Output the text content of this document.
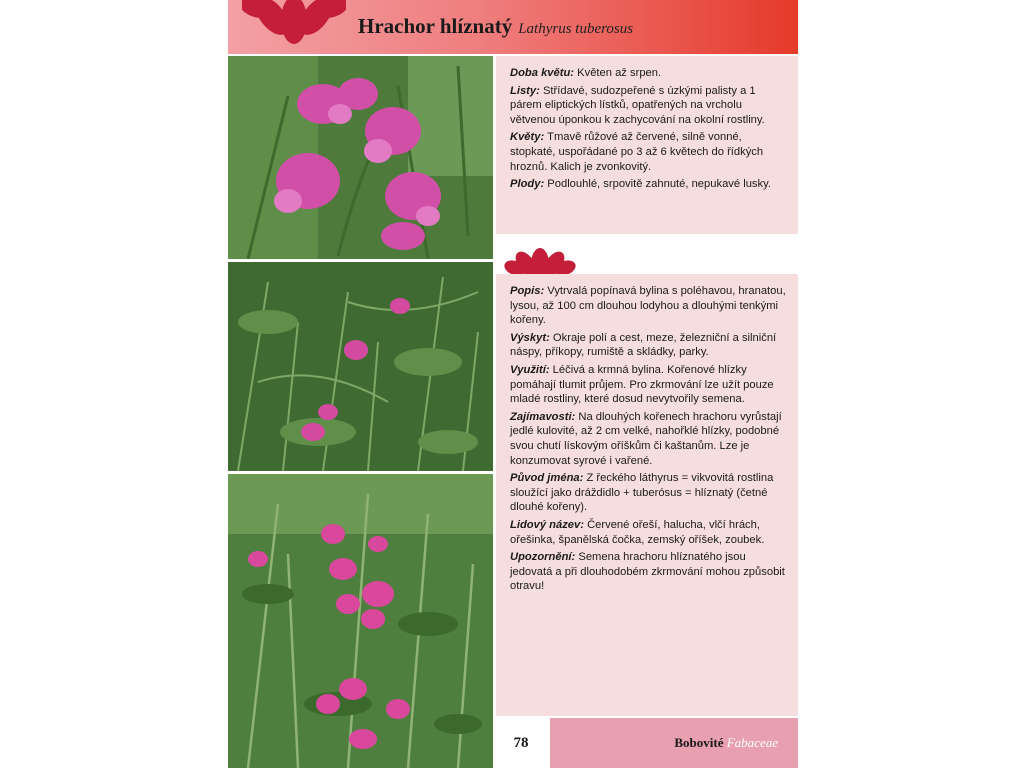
Hrachor hlíznatý Lathyrus tuberosus

Doba květu: Květen až srpen.

Listy: Střídavé, sudozpeřené s úzkými palisty a 1 párem eliptických lístků, opatřených na vrcholu větvenou úponkou k zachycování na okolní rostliny.

Květy: Tmavě růžové až červené, silně vonné, stopkaté, uspořádané po 3 až 6 květech do řídkých hroznů. Kalich je zvonkovitý.

Plody: Podlouhlé, srpovitě zahnuté, nepukavé lusky.

Popis: Vytrvalá popínavá bylina s poléhavou, hranatou, lysou, až 100 cm dlouhou lodyhou a dlouhými tenkými kořeny.

Výskyt: Okraje polí a cest, meze, železniční a silniční náspy, příkopy, rumiště a skládky, parky.

Využití: Léčivá a krmná bylina. Kořenové hlízky pomáhají tlumit průjem. Pro zkrmování lze užít pouze mladé rostliny, které dosud nevytvořily semena.

Zajímavosti: Na dlouhých kořenech hrachoru vyrůstají jedlé kulovité, až 2 cm velké, nahořklé hlízky, podobné svou chutí lískovým oříškům či kaštanům. Lze je konzumovat syrové i vařené.

Původ jména: Z řeckého láthyrus = vikvovitá rostlina sloužící jako dráždidlo + tuberósus = hlíznatý (četné dlouhé kořeny).

Lidový název: Červené ořeší, halucha, vlčí hrách, ořešinka, španělská čočka, zemský oříšek, zoubek.

Upozornění: Semena hrachoru hlíznatého jsou jedovatá a při dlouhodobém zkrmování mohou způsobit otravu!

78	Bobovité Fabaceae
